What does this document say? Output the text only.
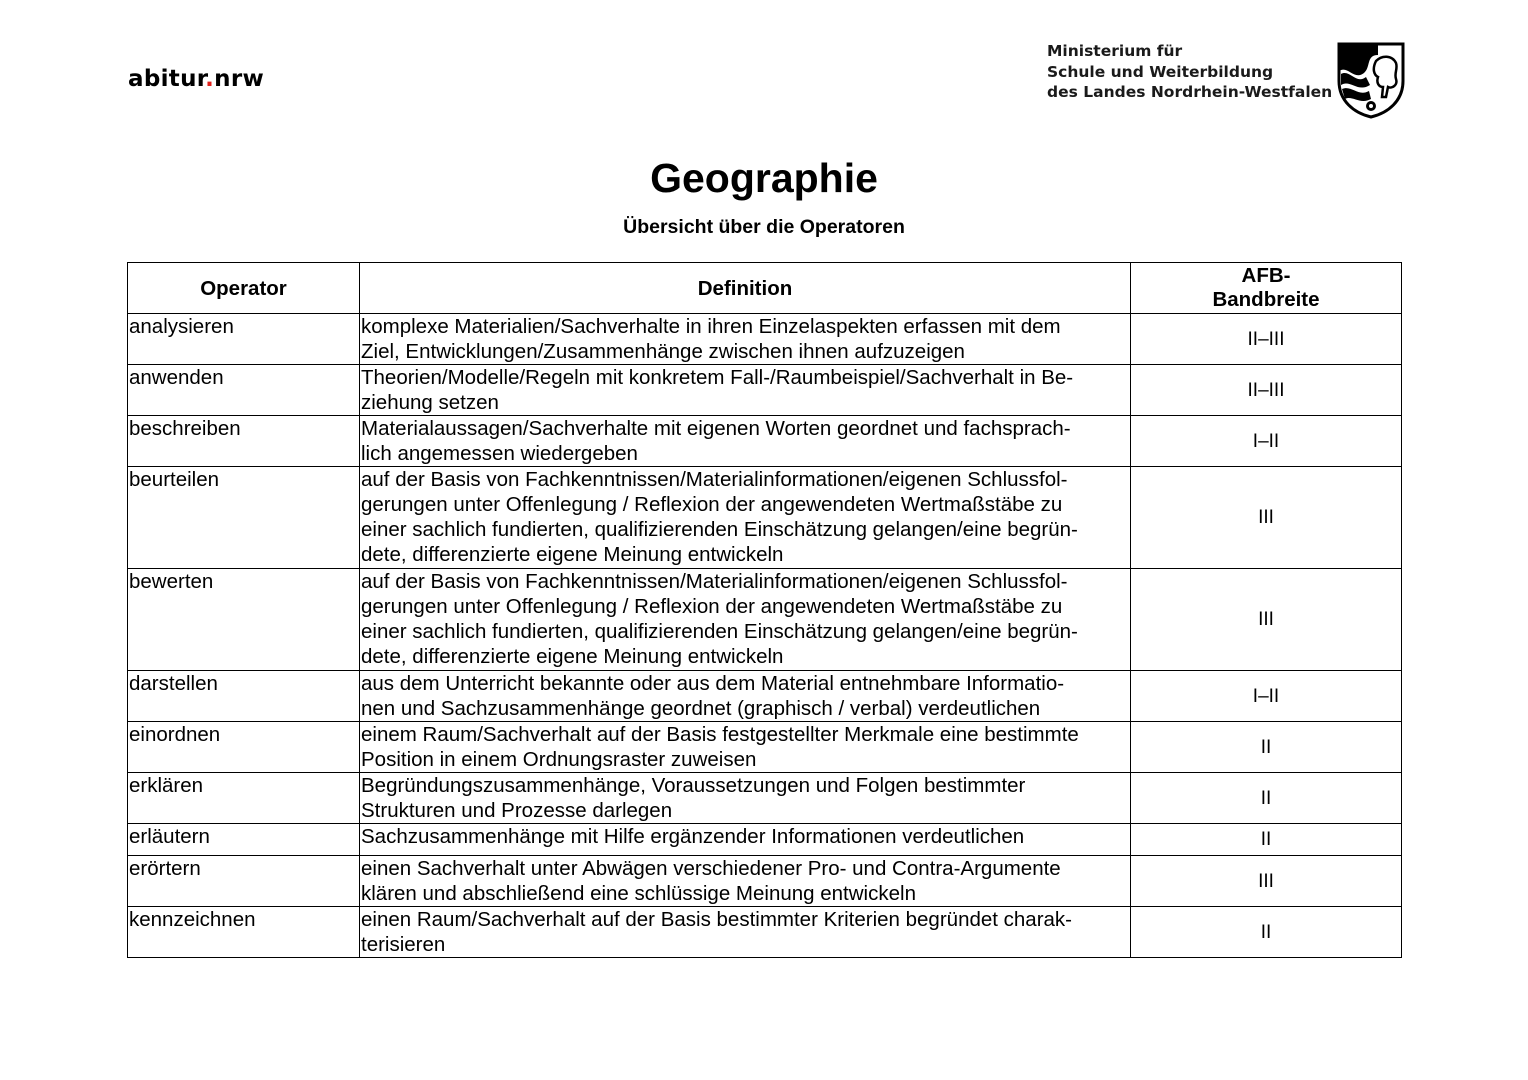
abitur.nrw
Ministerium für
Schule und Weiterbildung
des Landes Nordrhein-Westfalen
Geographie
Übersicht über die Operatoren
Operator	Definition	AFB-
Bandbreite

analysieren	komplexe Materialien/Sachverhalte in ihren Einzelaspekten erfassen mit dem
Ziel, Entwicklungen/Zusammenhänge zwischen ihnen aufzuzeigen	II–III
anwenden	Theorien/Modelle/Regeln mit konkretem Fall-/Raumbeispiel/Sachverhalt in Be-
ziehung setzen	II–III
beschreiben	Materialaussagen/Sachverhalte mit eigenen Worten geordnet und fachsprach-
lich angemessen wiedergeben	I–II
beurteilen	auf der Basis von Fachkenntnissen/Materialinformationen/eigenen Schlussfol-
gerungen unter Offenlegung / Reflexion der angewendeten Wertmaßstäbe zu
einer sachlich fundierten, qualifizierenden Einschätzung gelangen/eine begrün-
dete, differenzierte eigene Meinung entwickeln	III
bewerten	auf der Basis von Fachkenntnissen/Materialinformationen/eigenen Schlussfol-
gerungen unter Offenlegung / Reflexion der angewendeten Wertmaßstäbe zu
einer sachlich fundierten, qualifizierenden Einschätzung gelangen/eine begrün-
dete, differenzierte eigene Meinung entwickeln	III
darstellen	aus dem Unterricht bekannte oder aus dem Material entnehmbare Informatio-
nen und Sachzusammenhänge geordnet (graphisch / verbal) verdeutlichen	I–II
einordnen	einem Raum/Sachverhalt auf der Basis festgestellter Merkmale eine bestimmte
Position in einem Ordnungsraster zuweisen	II
erklären	Begründungszusammenhänge, Voraussetzungen und Folgen bestimmter
Strukturen und Prozesse darlegen	II
erläutern	Sachzusammenhänge mit Hilfe ergänzender Informationen verdeutlichen	II
erörtern	einen Sachverhalt unter Abwägen verschiedener Pro- und Contra-Argumente
klären und abschließend eine schlüssige Meinung entwickeln	III
kennzeichnen	einen Raum/Sachverhalt auf der Basis bestimmter Kriterien begründet charak-
terisieren	II
